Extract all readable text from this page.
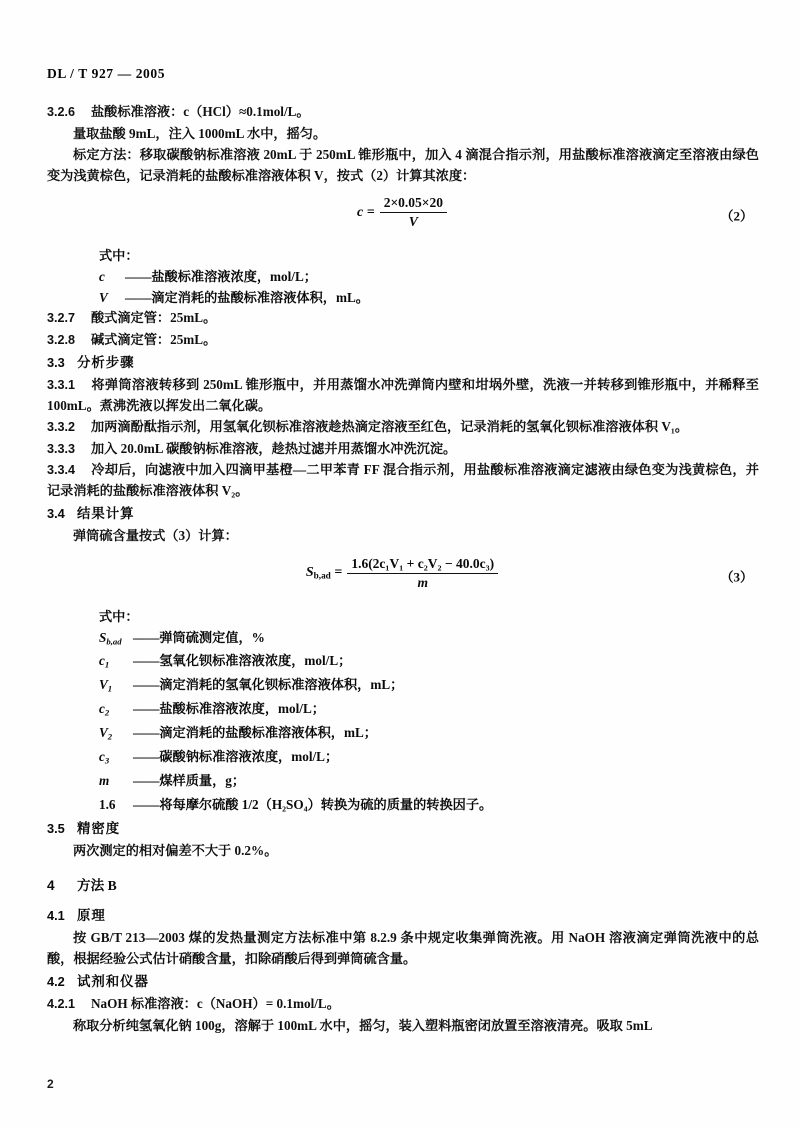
DL / T 927 — 2005
3.2.6 盐酸标准溶液：c（HCl）≈0.1mol/L。
量取盐酸 9mL，注入 1000mL 水中，摇匀。
标定方法：移取碳酸钠标准溶液 20mL 于 250mL 锥形瓶中，加入 4 滴混合指示剂，用盐酸标准溶液滴定至溶液由绿色变为浅黄棕色，记录消耗的盐酸标准溶液体积 V，按式（2）计算其浓度：
$c = \frac{2\times 0.05\times 20}{V}$	（2）
式中：
c ——盐酸标准溶液浓度，mol/L；
V ——滴定消耗的盐酸标准溶液体积，mL。
3.2.7 酸式滴定管：25mL。
3.2.8 碱式滴定管：25mL。
3.3 分析步骤
3.3.1 将弹筒溶液转移到 250mL 锥形瓶中，并用蒸馏水冲洗弹筒内壁和坩埚外壁，洗液一并转移到锥形瓶中，并稀释至 100mL。煮沸洗液以挥发出二氧化碳。
3.3.2 加两滴酚酞指示剂，用氢氧化钡标准溶液趁热滴定溶液至红色，记录消耗的氢氧化钡标准溶液体积 V₁。
3.3.3 加入 20.0mL 碳酸钠标准溶液，趁热过滤并用蒸馏水冲洗沉淀。
3.3.4 冷却后，向滤液中加入四滴甲基橙—二甲苯青 FF 混合指示剂，用盐酸标准溶液滴定滤液由绿色变为浅黄棕色，并记录消耗的盐酸标准溶液体积 V₂。
3.4 结果计算
弹筒硫含量按式（3）计算：
$S_{b,ad} = \frac{\text{1.6(2c₁V₁ + c₂V₂ − 40.0c₃)}}{m}$	（3）
式中：
$S_{b,ad}$ ——弹筒硫测定值，%
$c_1$ ——氢氧化钡标准溶液浓度，mol/L；
$V_1$ ——滴定消耗的氢氧化钡标准溶液体积，mL；
$c_2$ ——盐酸标准溶液浓度，mol/L；
$V_2$ ——滴定消耗的盐酸标准溶液体积，mL；
$c_3$ ——碳酸钠标准溶液浓度，mol/L；
m ——煤样质量，g；
1.6 ——将每摩尔硫酸 1/2（H₂SO₄）转换为硫的质量的转换因子。
3.5 精密度
两次测定的相对偏差不大于 0.2%。
4 方法 B
4.1 原理
按 GB/T 213—2003 煤的发热量测定方法标准中第 8.2.9 条中规定收集弹筒洗液。用 NaOH 溶液滴定弹筒洗液中的总酸，根据经验公式估计硝酸含量，扣除硝酸后得到弹筒硫含量。
4.2 试剂和仪器
4.2.1 NaOH 标准溶液：c（NaOH）= 0.1mol/L。
称取分析纯氢氧化钠 100g，溶解于 100mL 水中，摇匀，装入塑料瓶密闭放置至溶液清亮。吸取 5mL
2
